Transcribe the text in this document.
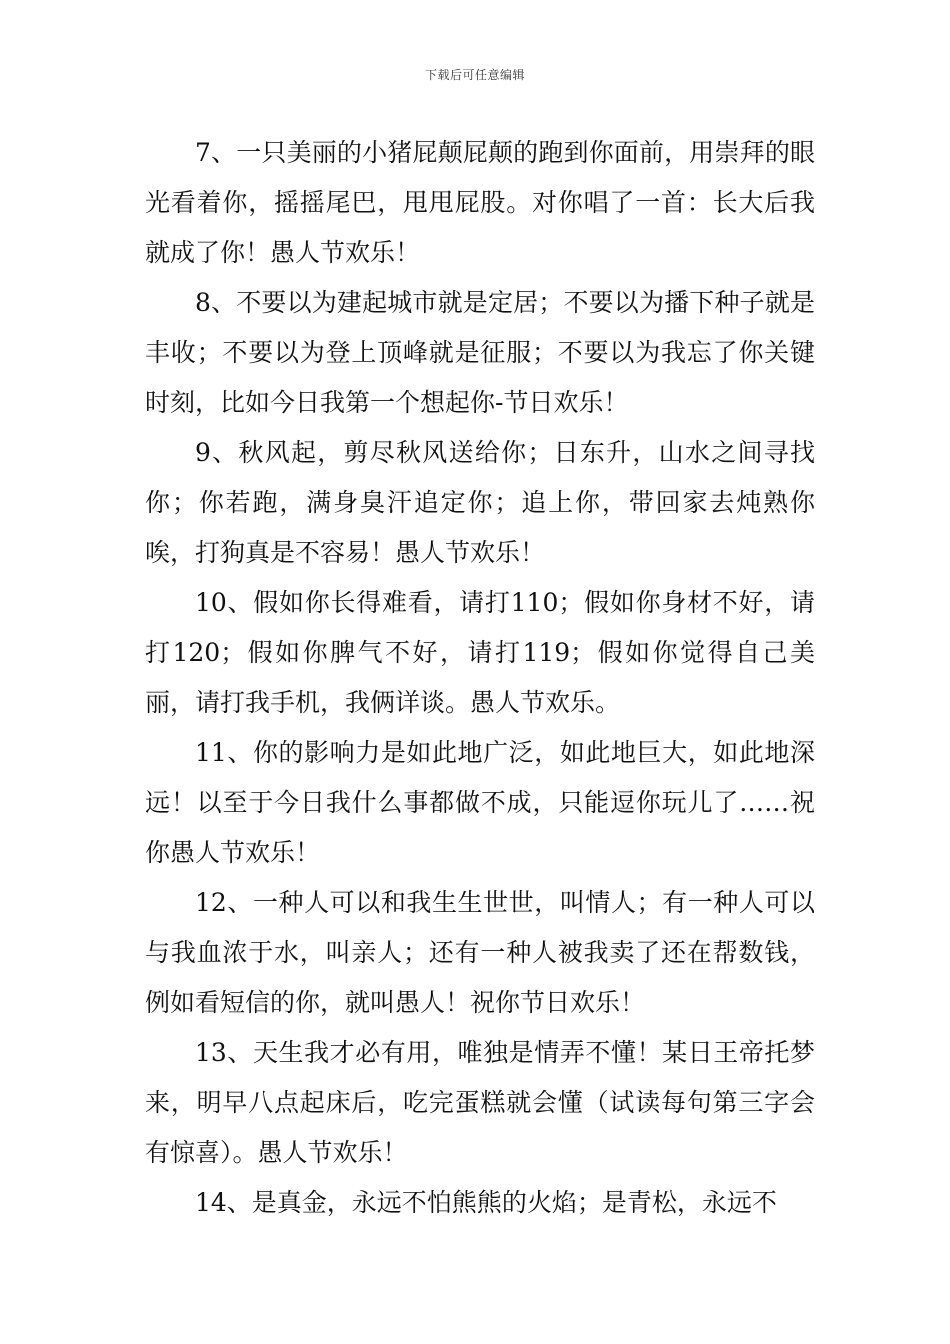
下载后可任意编辑

7、一只美丽的小猪屁颠屁颠的跑到你面前，用崇拜的眼光看着你，摇摇尾巴，甩甩屁股。对你唱了一首：长大后我就成了你！愚人节欢乐！

8、不要以为建起城市就是定居；不要以为播下种子就是丰收；不要以为登上顶峰就是征服；不要以为我忘了你关键时刻，比如今日我第一个想起你-节日欢乐！

9、秋风起，剪尽秋风送给你；日东升，山水之间寻找你；你若跑，满身臭汗追定你；追上你，带回家去炖熟你唉，打狗真是不容易！愚人节欢乐！

10、假如你长得难看，请打110；假如你身材不好，请打120；假如你脾气不好，请打119；假如你觉得自己美丽，请打我手机，我俩详谈。愚人节欢乐。

11、你的影响力是如此地广泛，如此地巨大，如此地深远！以至于今日我什么事都做不成，只能逗你玩儿了……祝你愚人节欢乐！

12、一种人可以和我生生世世，叫情人；有一种人可以与我血浓于水，叫亲人；还有一种人被我卖了还在帮数钱，例如看短信的你，就叫愚人！祝你节日欢乐！

13、天生我才必有用，唯独是情弄不懂！某日王帝托梦来，明早八点起床后，吃完蛋糕就会懂（试读每句第三字会有惊喜）。愚人节欢乐！

14、是真金，永远不怕熊熊的火焰；是青松，永远不
